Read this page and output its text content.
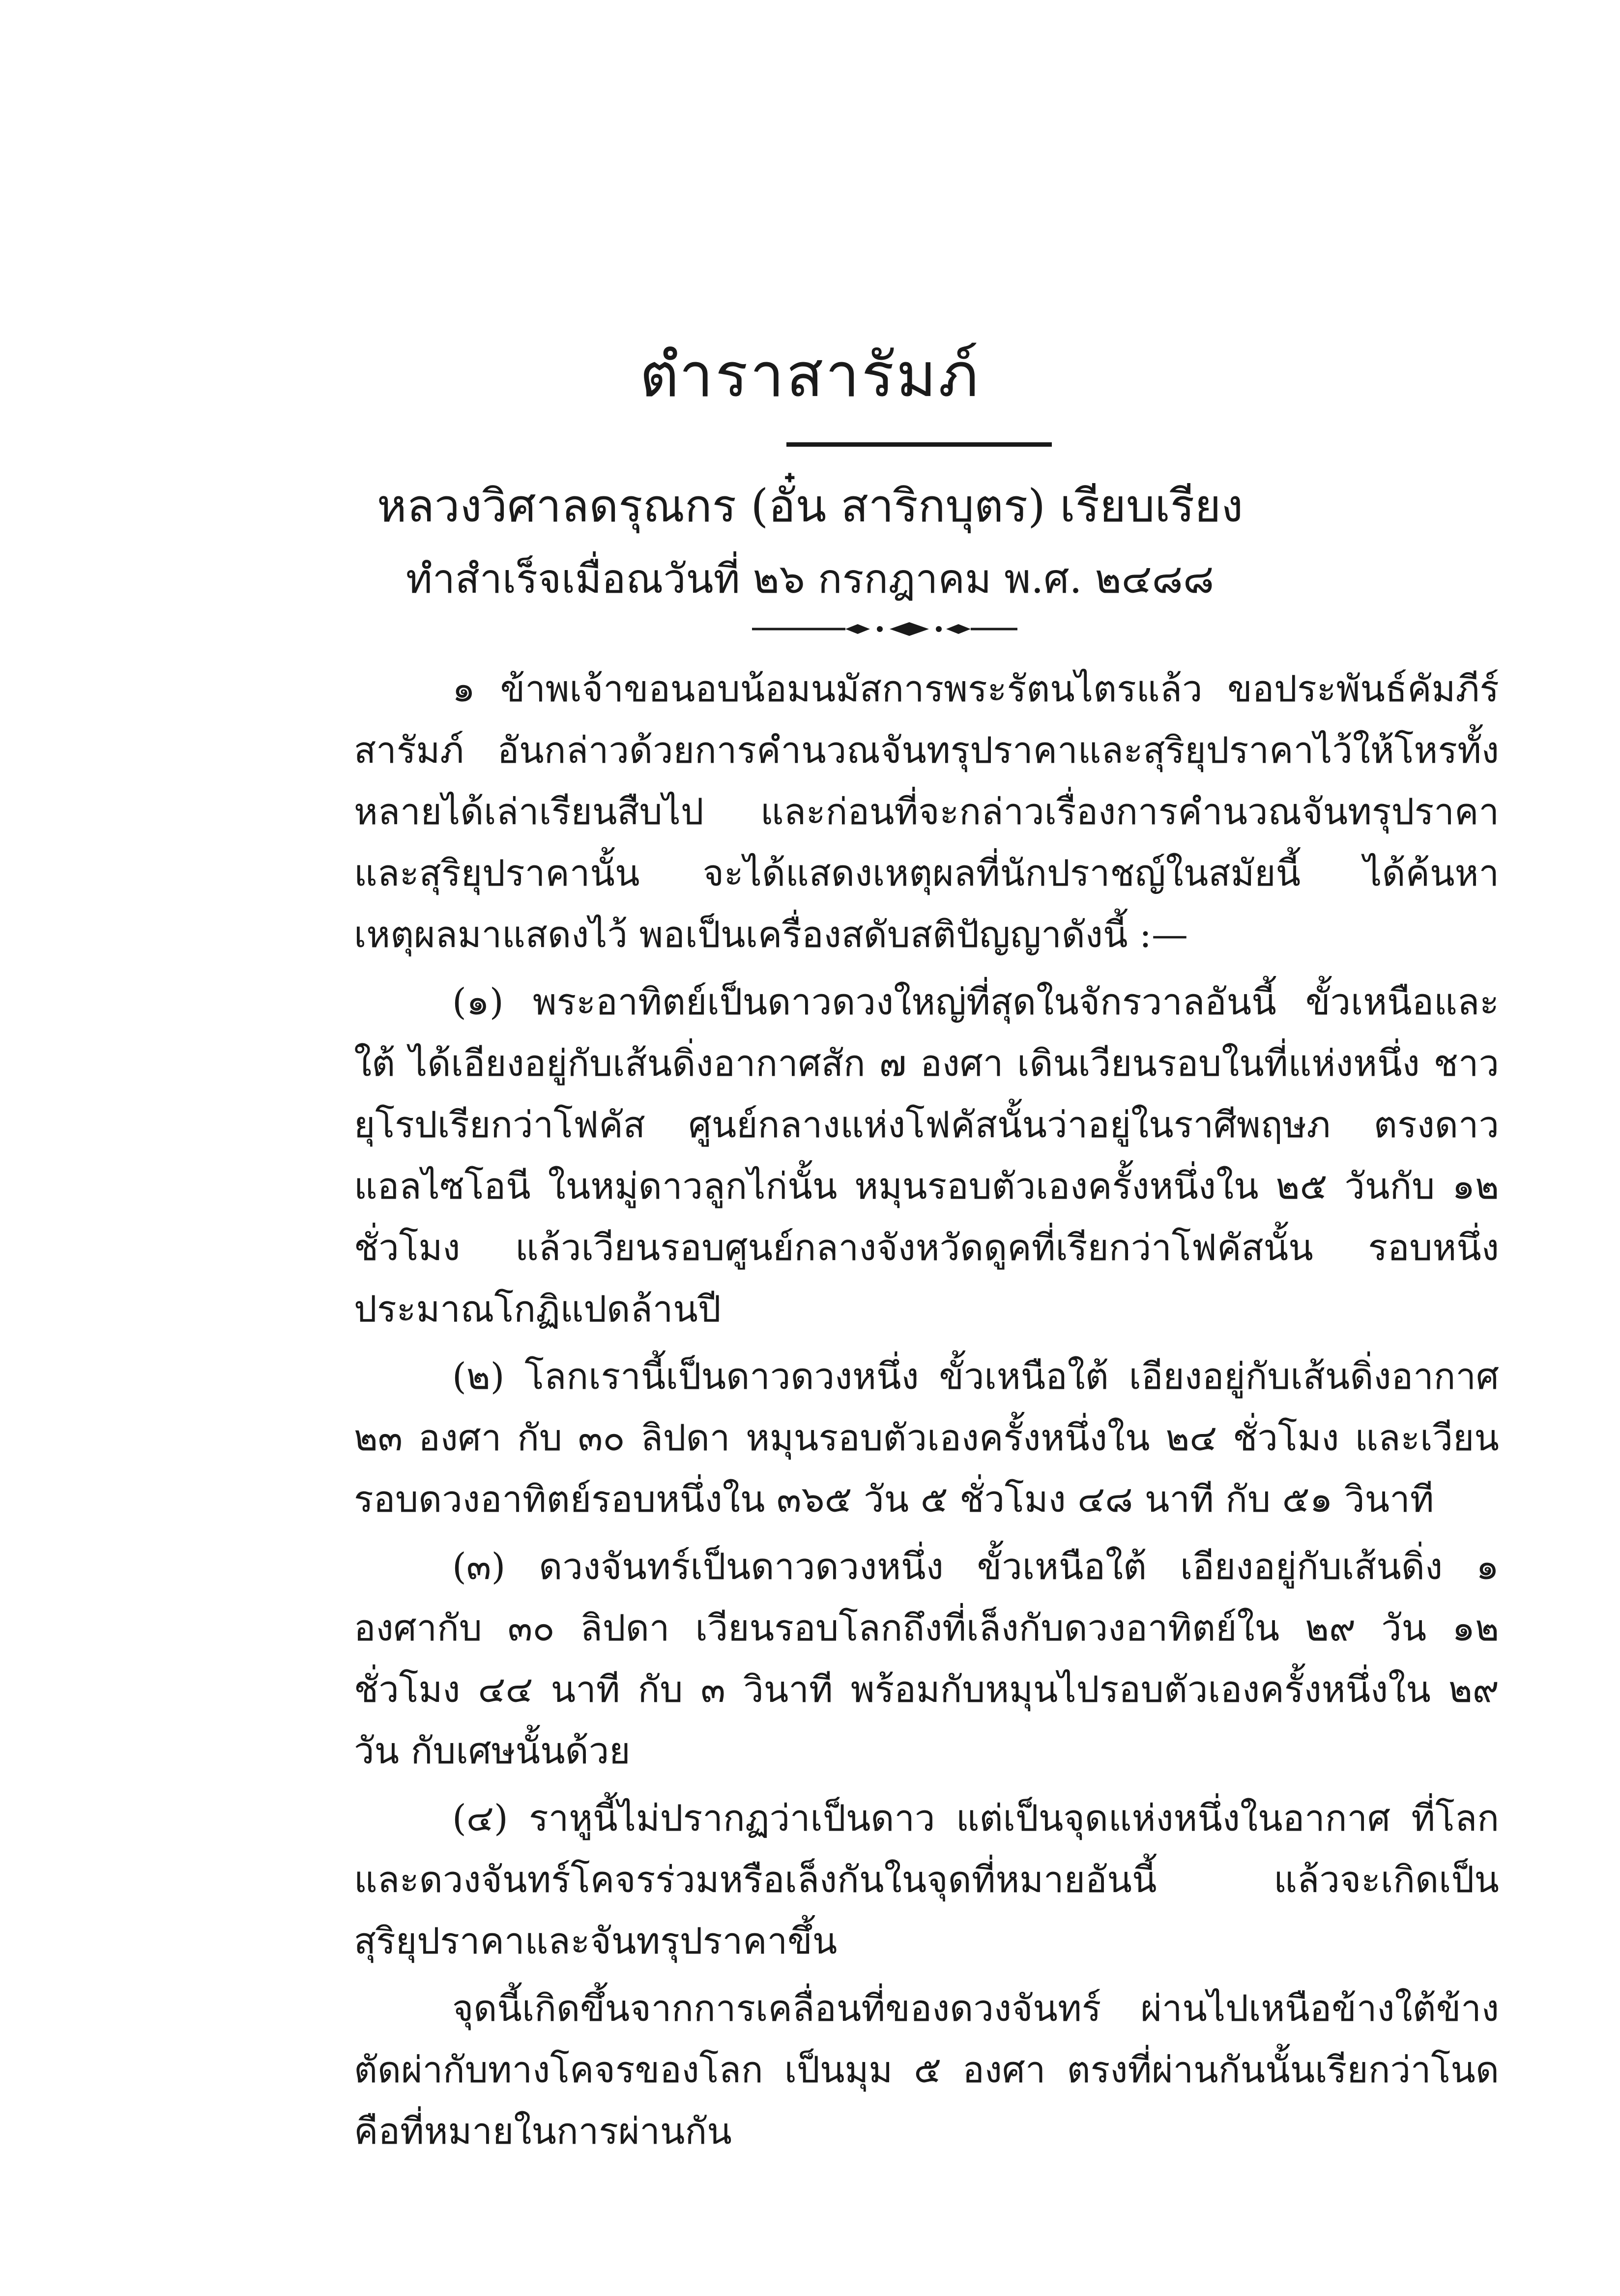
ตำราสารัมภ์
หลวงวิศาลดรุณกร (อั๋น สาริกบุตร) เรียบเรียง
ทำสำเร็จเมื่อณวันที่ ๒๖ กรกฎาคม พ.ศ. ๒๔๘๘

๑ ข้าพเจ้าขอนอบน้อมนมัสการพระรัตนไตรแล้ว ขอประพันธ์คัมภีร์สารัมภ์ อันกล่าวด้วยการคำนวณจันทรุปราคาและสุริยุปราคาไว้ให้โหรทั้งหลายได้เล่าเรียนสืบไป และก่อนที่จะกล่าวเรื่องการคำนวณจันทรุปราคาและสุริยุปราคานั้น จะได้แสดงเหตุผลที่นักปราชญ์ในสมัยนี้ ได้ค้นหาเหตุผลมาแสดงไว้ พอเป็นเครื่องสดับสติปัญญาดังนี้ :—

(๑) พระอาทิตย์เป็นดาวดวงใหญ่ที่สุดในจักรวาลอันนี้ ขั้วเหนือและใต้ ได้เอียงอยู่กับเส้นดิ่งอากาศสัก ๗ องศา เดินเวียนรอบในที่แห่งหนึ่ง ชาวยุโรปเรียกว่าโฟคัส ศูนย์กลางแห่งโฟคัสนั้นว่าอยู่ในราศีพฤษภ ตรงดาวแอลไซโอนี ในหมู่ดาวลูกไก่นั้น หมุนรอบตัวเองครั้งหนึ่งใน ๒๕ วันกับ ๑๒ ชั่วโมง แล้วเวียนรอบศูนย์กลางจังหวัดดูคที่เรียกว่าโฟคัสนั้น รอบหนึ่งประมาณโกฏิแปดล้านปี

(๒) โลกเรานี้เป็นดาวดวงหนึ่ง ขั้วเหนือใต้ เอียงอยู่กับเส้นดิ่งอากาศ ๒๓ องศา กับ ๓๐ ลิปดา หมุนรอบตัวเองครั้งหนึ่งใน ๒๔ ชั่วโมง และเวียนรอบดวงอาทิตย์รอบหนึ่งใน ๓๖๕ วัน ๕ ชั่วโมง ๔๘ นาที กับ ๕๑ วินาที

(๓) ดวงจันทร์เป็นดาวดวงหนึ่ง ขั้วเหนือใต้ เอียงอยู่กับเส้นดิ่ง ๑ องศากับ ๓๐ ลิปดา เวียนรอบโลกถึงที่เล็งกับดวงอาทิตย์ใน ๒๙ วัน ๑๒ ชั่วโมง ๔๔ นาที กับ ๓ วินาที พร้อมกับหมุนไปรอบตัวเองครั้งหนึ่งใน ๒๙ วัน กับเศษนั้นด้วย

(๔) ราหูนี้ไม่ปรากฏว่าเป็นดาว แต่เป็นจุดแห่งหนึ่งในอากาศ ที่โลกและดวงจันทร์โคจรร่วมหรือเล็งกันในจุดที่หมายอันนี้ แล้วจะเกิดเป็นสุริยุปราคาและจันทรุปราคาขึ้น

จุดนี้เกิดขึ้นจากการเคลื่อนที่ของดวงจันทร์ ผ่านไปเหนือข้างใต้ข้าง ตัดผ่ากับทางโคจรของโลก เป็นมุม ๕ องศา ตรงที่ผ่านกันนั้นเรียกว่าโนด คือที่หมายในการผ่านกัน
